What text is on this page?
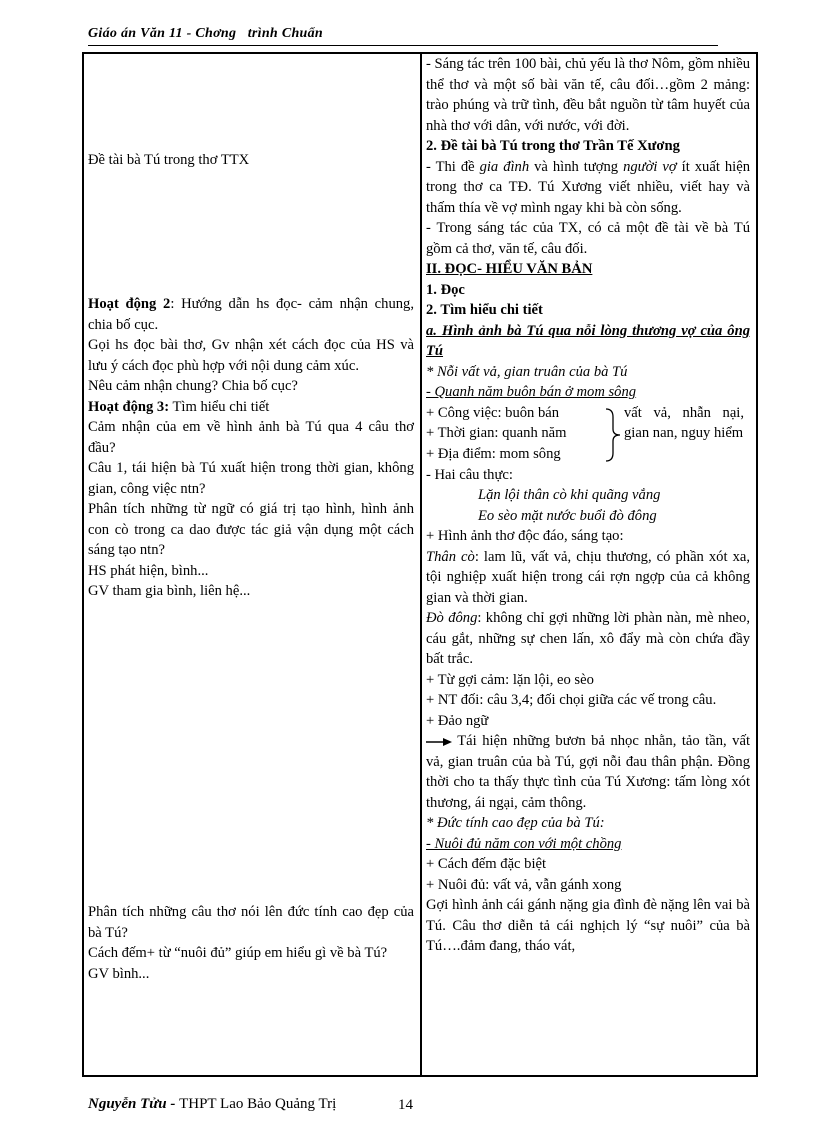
Giáo án Văn 11 - Chơng   trình Chuẩn

Đề tài bà Tú trong thơ TTX

Hoạt động 2: Hướng dẫn hs đọc- cảm nhận chung, chia bố cục.

Gọi hs đọc bài thơ, Gv nhận xét cách đọc của HS và lưu ý cách đọc phù hợp với nội dung cảm xúc.

Nêu cảm nhận chung? Chia bố cục?

Hoạt động 3: Tìm hiểu chi tiết

Cảm nhận của em về hình ảnh bà Tú qua 4 câu thơ đầu?

Câu 1, tái hiện bà Tú xuất hiện trong thời gian, không gian, công việc ntn?

Phân tích những từ ngữ có giá trị tạo hình, hình ảnh con cò trong ca dao được tác giả vận dụng một cách sáng tạo ntn?

HS phát hiện, bình...

GV tham gia bình, liên hệ...

Phân tích những câu thơ nói lên đức tính cao đẹp của bà Tú?

Cách đếm+ từ “nuôi đủ” giúp em hiểu gì về bà Tú?

GV bình...

- Sáng tác trên 100 bài, chủ yếu là thơ Nôm, gồm nhiều thể thơ và một số bài văn tế, câu đối…gồm 2 mảng: trào phúng và trữ tình, đều bắt nguồn từ tâm huyết của nhà thơ với dân, với nước, với đời.

2. Đề tài bà Tú trong thơ Trần Tế Xương

- Thi đề gia đình và hình tượng người vợ ít xuất hiện trong thơ ca TĐ. Tú Xương viết nhiều, viết hay và thấm thía về vợ mình ngay khi bà còn sống.

- Trong sáng tác của TX, có cả một đề tài về bà Tú gồm cả thơ, văn tế, câu đối.

II. ĐỌC- HIỂU VĂN BẢN

1. Đọc

2. Tìm hiểu chi tiết

a. Hình ảnh bà Tú qua nỗi lòng thương vợ của ông Tú

* Nỗi vất vả, gian truân của bà Tú

- Quanh năm buôn bán ở mom sông

+ Công việc: buôn bán
+ Thời gian: quanh năm
+ Địa điểm: mom sông
vất vả, nhẫn nại, gian nan, nguy hiểm

- Hai câu thực:

Lặn lội thân cò khi quãng vắng

Eo sèo mặt nước buổi đò đông

+ Hình ảnh thơ độc đáo, sáng tạo:

Thân cò: lam lũ, vất vả, chịu thương, có phần xót xa, tội nghiệp xuất hiện trong cái rợn ngợp của cả không gian và thời gian.

Đò đông: không chỉ gợi những lời phàn nàn, mè nheo, cáu gắt, những sự chen lấn, xô đẩy mà còn chứa đầy bất trắc.

+ Từ gợi cảm: lặn lội, eo sèo

+ NT đối: câu 3,4; đối chọi giữa các vế trong câu.

+ Đảo ngữ

Tái hiện những bươn bả nhọc nhằn, tảo tần, vất vả, gian truân của bà Tú, gợi nỗi đau thân phận. Đồng thời cho ta thấy thực tình của Tú Xương: tấm lòng xót thương, ái ngại, cảm thông.

* Đức tính cao đẹp của bà Tú:

- Nuôi đủ năm con với một chồng

+ Cách đếm đặc biệt

+ Nuôi đủ: vất vả, vẫn gánh xong

Gợi hình ảnh cái gánh nặng gia đình đè nặng lên vai bà Tú. Câu thơ diễn tả cái nghịch lý “sự nuôi” của bà Tú….đảm đang, tháo vát,

Nguyễn Tửu - THPT Lao Bảo Quảng Trị	14
